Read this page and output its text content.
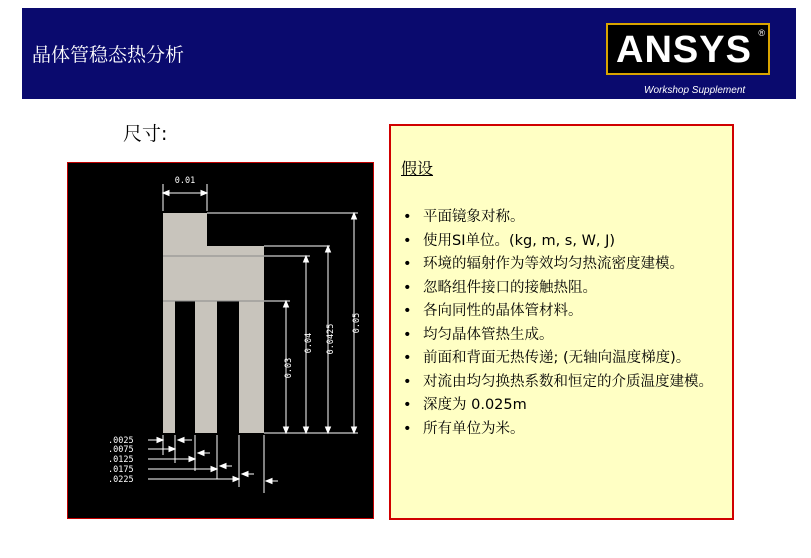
晶体管稳态热分析	ANSYS ®
Workshop Supplement
尺寸:
0.01
0.03
0.04 0.0425
0.05
.0025
.0075
.0125
.0175
.0225
假设
• 平面镜象对称。
• 使用SI单位。(kg, m, s, W, J)
• 环境的辐射作为等效均匀热流密度建模。
• 忽略组件接口的接触热阻。
• 各向同性的晶体管材料。
• 均匀晶体管热生成。
• 前面和背面无热传递; (无轴向温度梯度)。
• 对流由均匀换热系数和恒定的介质温度建模。
• 深度为 0.025m
• 所有单位为米。
